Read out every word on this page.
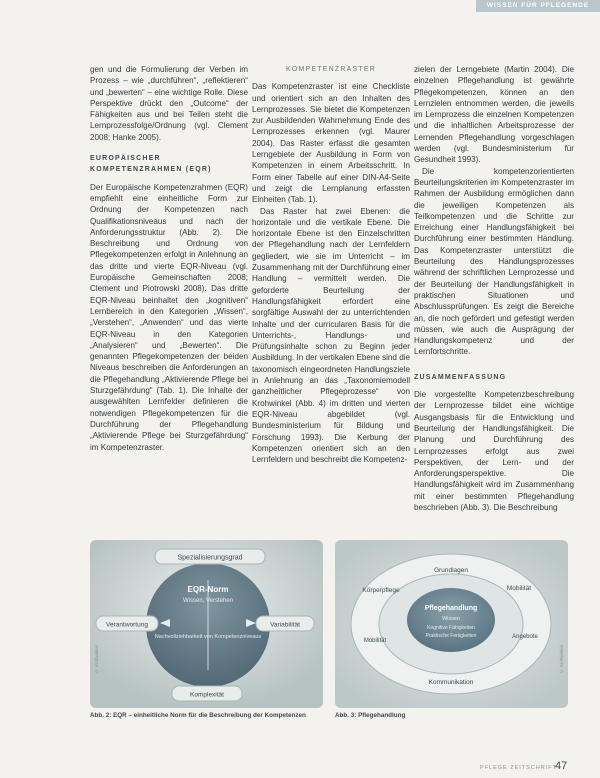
WISSEN FÜR PFLEGENDE

gen und die Formulierung der Verben im Prozess – wie „durchführen“, „reflektieren“ und „bewerten“ – eine wichtige Rolle. Diese Perspektive drückt den „Outcome“ der Fähigkeiten aus und bei Teilen steht die Lernprozessfolge/Ordnung (vgl. Clement 2008; Hanke 2005).

EUROPÄISCHER KOMPETENZRAHMEN (EQR)

Der Europäische Kompetenzrahmen (EQR) empfiehlt eine einheitliche Form zur Ordnung der Kompetenzen nach Qualifikationsniveaus und nach der Anforderungsstruktur (Abb. 2). Die Beschreibung und Ordnung von Pflegekompetenzen erfolgt in Anlehnung an das dritte und vierte EQR-Niveau (vgl. Europäische Gemeinschaften 2008; Clement und Piotrowski 2008). Das dritte EQR-Niveau beinhaltet den „kognitiven“ Lernbereich in den Kategorien „Wissen“, „Verstehen“, „Anwenden“ und das vierte EQR-Niveau in den Kategorien „Analysieren“ und „Bewerten“. Die genannten Pflegekompetenzen der beiden Niveaus beschreiben die Anforderungen an die Pflegehandlung „Aktivierende Pflege bei Sturzgefährdung“ (Tab. 1). Die Inhalte der ausgewählten Lernfelder definieren die notwendigen Pflegekompetenzen für die Durchführung der Pflegehandlung „Aktivierende Pflege bei Sturzgefährdung“ im Kompetenzraster.

KOMPETENZRASTER

Das Kompetenzraster ist eine Checkliste und orientiert sich an den Inhalten des Lernprozesses. Sie bietet die Kompetenzen zur Ausbildenden Wahrnehmung Ende des Lernprozesses erkennen (vgl. Maurer 2004). Das Raster erfasst die gesamten Lerngebiete der Ausbildung in Form von Kompetenzen in einem Arbeitsschritt. In Form einer Tabelle auf einer DIN-A4-Seite und zeigt die Lernplanung erfassten Einheiten (Tab. 1).

Das Raster hat zwei Ebenen: die horizontale und die vertikale Ebene. Die horizontale Ebene ist den Einzelschritten der Pflegehandlung nach der Lernfeldern gegliedert, wie sie im Unterricht – im Zusammenhang mit der Durchführung einer Handlung – vermittelt werden. Die geforderte Beurteilung der Handlungsfähigkeit erfordert eine sorgfältige Auswahl der zu unterrichtenden Inhalte und der curricularen Basis für die Unterrichts-, Handlungs- und Prüfungsinhalte schon zu Beginn jeder Ausbildung. In der vertikalen Ebene sind die taxonomisch eingeordneten Handlungsziele in Anlehnung an das „Taxonomiemodell ganzheitlicher Pflegeprozesse“ von Krohwinkel (Abb. 4) im dritten und vierten EQR-Niveau abgebildet (vgl. Bundesministerium für Bildung und Forschung 1993). Die Kerbung der Kompetenzen orientiert sich an den Lernfeldern und beschreibt die Kompetenz-

zielen der Lerngebiete (Martin 2004). Die einzelnen Pflegehandlung ist gewährte Pflegekompetenzen, können an den Lernzielen entnommen werden, die jeweils im Lernprozess die einzelnen Kompetenzen und die inhaltlichen Arbeitsprozesse der Lernenden Pflegehandlung vorgeschlagen werden (vgl. Bundesministerium für Gesundheit 1993).

Die kompetenzorientierten Beurteilungskriterien im Kompetenzraster im Rahmen der Ausbildung ermöglichen dann die jeweiligen Kompetenzen als Teilkompetenzen und die Schritte zur Erreichung einer Handlungsfähigkeit bei Durchführung einer bestimmten Handlung. Das Kompetenzraster unterstützt die Beurteilung des Handlungsprozesses während der schriftlichen Lernprozesse und der Beurteilung der Handlungsfähigkeit in praktischen Situationen und Abschlussprüfungen. Es zeigt die Bereiche an, die noch gefördert und gefestigt werden müssen, wie auch die Ausprägung der Handlungskompetenz und der Lernfortschritte.

ZUSAMMENFASSUNG

Die vorgestellte Kompetenzbeschreibung der Lernprozesse bildet eine wichtige Ausgangsbasis für die Entwicklung und Beurteilung der Handlungsfähigkeit. Die Planung und Durchführung des Lernprozesses erfolgt aus zwei Perspektiven, der Lern- und der Anforderungsperspektive. Die Handlungsfähigkeit wird im Zusammenhang mit einer bestimmten Pflegehandlung beschrieben (Abb. 3). Die Beschreibung

Spezialisierungsgrad
EQR-Norm
Wissen, Verstehen
Nachvollziehbarkeit von Kompetenzniveaus
Verantwortung	Variabilität
Komplexität
© Krohwinkel
Grundlagen
Pflegehandlung
Wissen
Kognitive Fähigkeiten
Praktische Fertigkeiten
Körperpflege
Mobilität
Mobilität
Angebote
Kommunikation
© Krohwinkel
Abb. 2: EQR – einheitliche Norm für die Beschreibung der Kompetenzen	Abb. 3: Pflegehandlung
PFLEGE ZEITSCHRIFT
47
